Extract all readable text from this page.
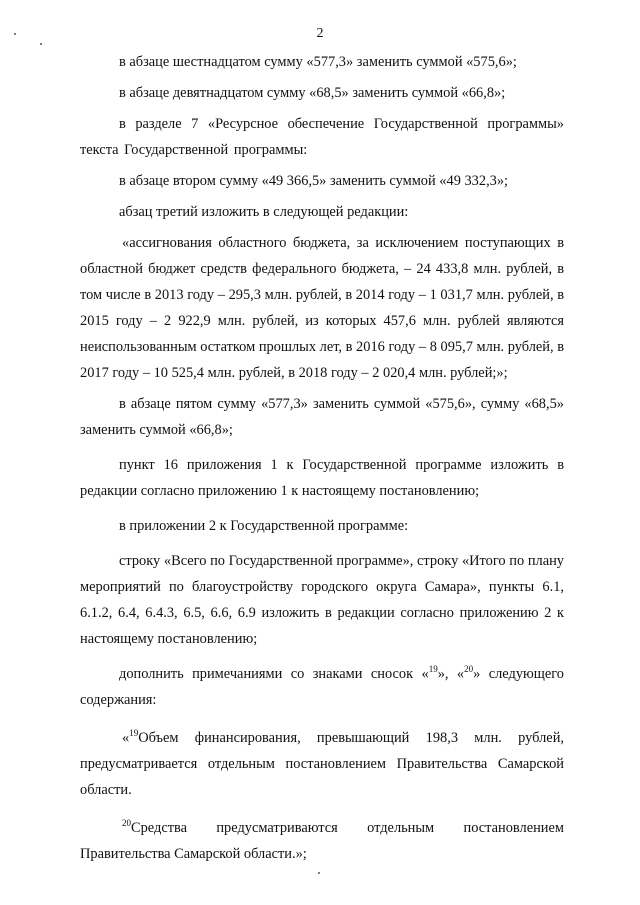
2

в абзаце шестнадцатом сумму «577,3» заменить суммой «575,6»;

в абзаце девятнадцатом сумму «68,5» заменить суммой «66,8»;

в разделе 7 «Ресурсное обеспечение Государственной программы» текста Государственной программы:

в абзаце втором сумму «49 366,5» заменить суммой «49 332,3»;

абзац третий изложить в следующей редакции:

«ассигнования областного бюджета, за исключением поступающих в областной бюджет средств федерального бюджета, – 24 433,8 млн. рублей, в том числе в 2013 году – 295,3 млн. рублей, в 2014 году – 1 031,7 млн. рублей, в 2015 году – 2 922,9 млн. рублей, из которых 457,6 млн. рублей являются неиспользованным остатком прошлых лет, в 2016 году – 8 095,7 млн. рублей, в 2017 году – 10 525,4 млн. рублей, в 2018 году – 2 020,4 млн. рублей;»;

в абзаце пятом сумму «577,3» заменить суммой «575,6», сумму «68,5» заменить суммой «66,8»;

пункт 16 приложения 1 к Государственной программе изложить в редакции согласно приложению 1 к настоящему постановлению;

в приложении 2 к Государственной программе:

строку «Всего по Государственной программе», строку «Итого по плану мероприятий по благоустройству городского округа Самара», пункты 6.1, 6.1.2, 6.4, 6.4.3, 6.5, 6.6, 6.9 изложить в редакции согласно приложению 2 к настоящему постановлению;

дополнить примечаниями со знаками сносок «$^{19}$», «$^{20}$» следующего содержания:

«$^{19}$Объем финансирования, превышающий 198,3 млн. рублей, предусматривается отдельным постановлением Правительства Самарской области.

$^{20}$Средства предусматриваются отдельным постановлением Правительства Самарской области.»;
